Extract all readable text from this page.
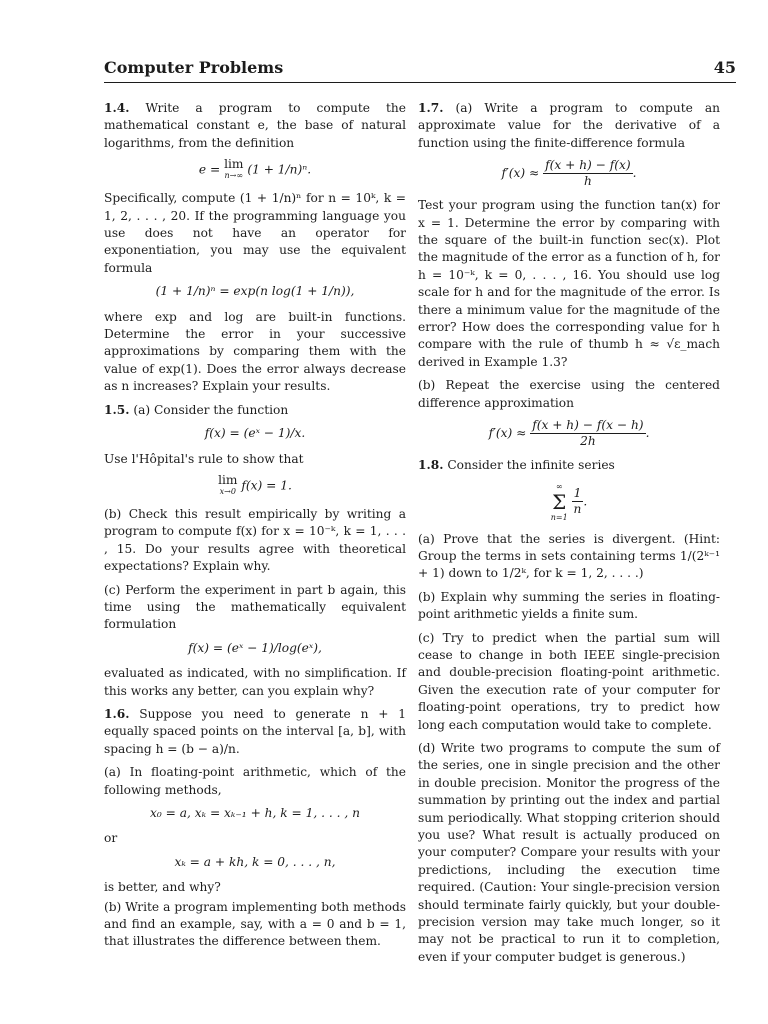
Computer Problems	45

1.4. Write a program to compute the mathematical constant e, the base of natural logarithms, from the definition

e = lim
n→∞ (1 + 1/n)ⁿ.

Specifically, compute (1 + 1/n)ⁿ for n = 10ᵏ, k = 1, 2, . . . , 20. If the programming language you use does not have an operator for exponentiation, you may use the equivalent formula

(1 + 1/n)ⁿ = exp(n log(1 + 1/n)),

where exp and log are built-in functions. Determine the error in your successive approximations by comparing them with the value of exp(1). Does the error always decrease as n increases? Explain your results.

1.5. (a) Consider the function

f(x) = (eˣ − 1)/x.

Use l'Hôpital's rule to show that

lim
x→0 f(x) = 1.

(b) Check this result empirically by writing a program to compute f(x) for x = 10⁻ᵏ, k = 1, . . . , 15. Do your results agree with theoretical expectations? Explain why.

(c) Perform the experiment in part b again, this time using the mathematically equivalent formulation

f(x) = (eˣ − 1)/log(eˣ),

evaluated as indicated, with no simplification. If this works any better, can you explain why?

1.6. Suppose you need to generate n + 1 equally spaced points on the interval [a, b], with spacing h = (b − a)/n.

(a) In floating-point arithmetic, which of the following methods,

x₀ = a, xₖ = xₖ₋₁ + h, k = 1, . . . , n

or

xₖ = a + kh, k = 0, . . . , n,

is better, and why?

(b) Write a program implementing both methods and find an example, say, with a = 0 and b = 1, that illustrates the difference between them.

1.7. (a) Write a program to compute an approximate value for the derivative of a function using the finite-difference formula

$f'(x) \approx \frac{f(x + h) - f(x)}{h}$ .

Test your program using the function tan(x) for x = 1. Determine the error by comparing with the square of the built-in function sec(x). Plot the magnitude of the error as a function of h, for h = 10⁻ᵏ, k = 0, . . . , 16. You should use log scale for h and for the magnitude of the error. Is there a minimum value for the magnitude of the error? How does the corresponding value for h compare with the rule of thumb h ≈ √ε_mach derived in Example 1.3?

(b) Repeat the exercise using the centered difference approximation

$f'(x) \approx \frac{f(x + h) - f(x - h)}{2h}$ .

1.8. Consider the infinite series

∞
Σ
n=1
$\frac{1}{n}$ .

(a) Prove that the series is divergent. (Hint: Group the terms in sets containing terms 1/(2ᵏ⁻¹ + 1) down to 1/2ᵏ, for k = 1, 2, . . . .)

(b) Explain why summing the series in floating-point arithmetic yields a finite sum.

(c) Try to predict when the partial sum will cease to change in both IEEE single-precision and double-precision floating-point arithmetic. Given the execution rate of your computer for floating-point operations, try to predict how long each computation would take to complete.

(d) Write two programs to compute the sum of the series, one in single precision and the other in double precision. Monitor the progress of the summation by printing out the index and partial sum periodically. What stopping criterion should you use? What result is actually produced on your computer? Compare your results with your predictions, including the execution time required. (Caution: Your single-precision version should terminate fairly quickly, but your double-precision version may take much longer, so it may not be practical to run it to completion, even if your computer budget is generous.)
